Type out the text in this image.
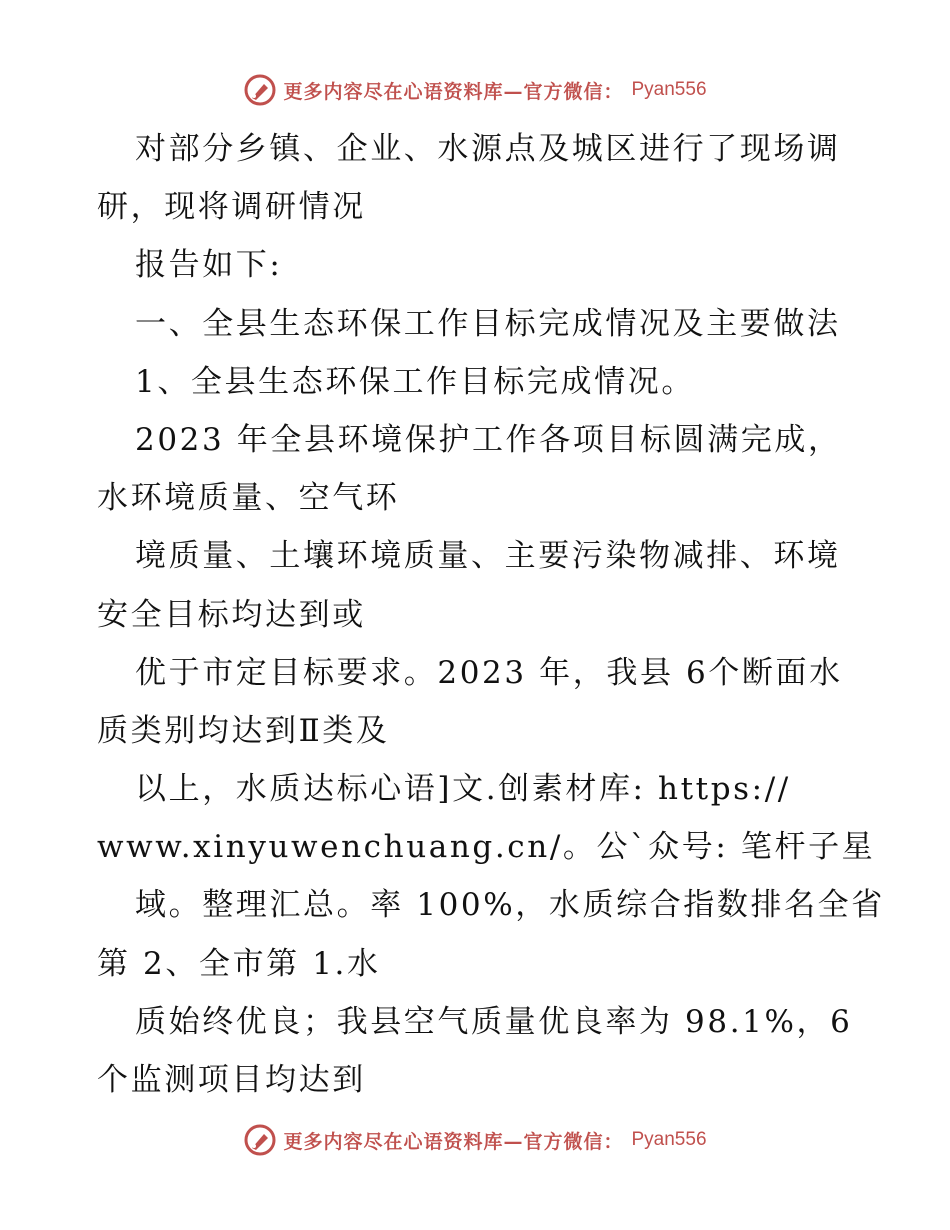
更多内容尽在心语资料库—官方微信： Pyan556
对部分乡镇、企业、水源点及城区进行了现场调
研，现将调研情况
报告如下:
一、全县生态环保工作目标完成情况及主要做法
1、全县生态环保工作目标完成情况。
2023 年全县环境保护工作各项目标圆满完成，
水环境质量、空气环
境质量、土壤环境质量、主要污染物减排、环境
安全目标均达到或
优于市定目标要求。2023 年，我县 6个断面水
质类别均达到Ⅱ类及
以上，水质达标心语]文.创素材库: https://
www.xinyuwenchuang.cn/。公`众号: 笔杆子星
域。整理汇总。率 100%，水质综合指数排名全省
第 2、全市第 1.水
质始终优良；我县空气质量优良率为 98.1%，6
个监测项目均达到
更多内容尽在心语资料库—官方微信： Pyan556
